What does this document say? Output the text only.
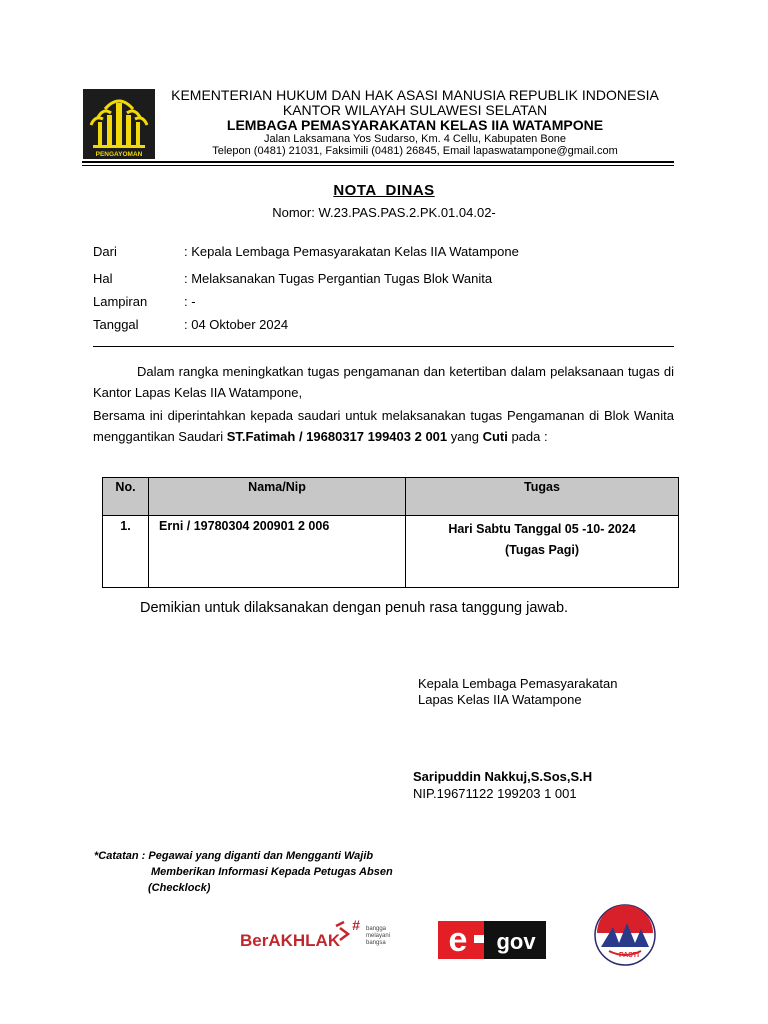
PENGAYOMAN
KEMENTERIAN HUKUM DAN HAK ASASI MANUSIA REPUBLIK INDONESIA
KANTOR WILAYAH SULAWESI SELATAN
LEMBAGA PEMASYARAKATAN KELAS IIA WATAMPONE
Jalan Laksamana Yos Sudarso, Km. 4 Cellu, Kabupaten Bone
Telepon (0481) 21031, Faksimili (0481) 26845, Email lapaswatampone@gmail.com
NOTA  DINAS
Nomor: W.23.PAS.PAS.2.PK.01.04.02-
Dari	: Kepala Lembaga Pemasyarakatan Kelas IIA Watampone
Hal	: Melaksanakan Tugas Pergantian Tugas Blok Wanita
Lampiran	: -
Tanggal	: 04 Oktober 2024
Dalam rangka meningkatkan tugas pengamanan dan ketertiban dalam pelaksanaan tugas di Kantor Lapas Kelas IIA Watampone,
Bersama ini diperintahkan kepada saudari untuk melaksanakan tugas Pengamanan di Blok Wanita menggantikan Saudari ST.Fatimah / 19680317 199403 2 001 yang Cuti pada :
No.	Nama/Nip	Tugas
1.	Erni / 19780304 200901 2 006	Hari Sabtu Tanggal 05 -10- 2024
(Tugas Pagi)
Demikian untuk dilaksanakan dengan penuh rasa tanggung jawab.
Kepala Lembaga Pemasyarakatan
Lapas Kelas IIA Watampone
Saripuddin Nakkuj,S.Sos,S.H
NIP.19671122 199203 1 001
*Catatan : Pegawai yang diganti dan Mengganti Wajib
Memberikan Informasi Kepada Petugas Absen
(Checklock)
BerAKHLAK
# bangga
melayani
bangsa e gov
PASTI
